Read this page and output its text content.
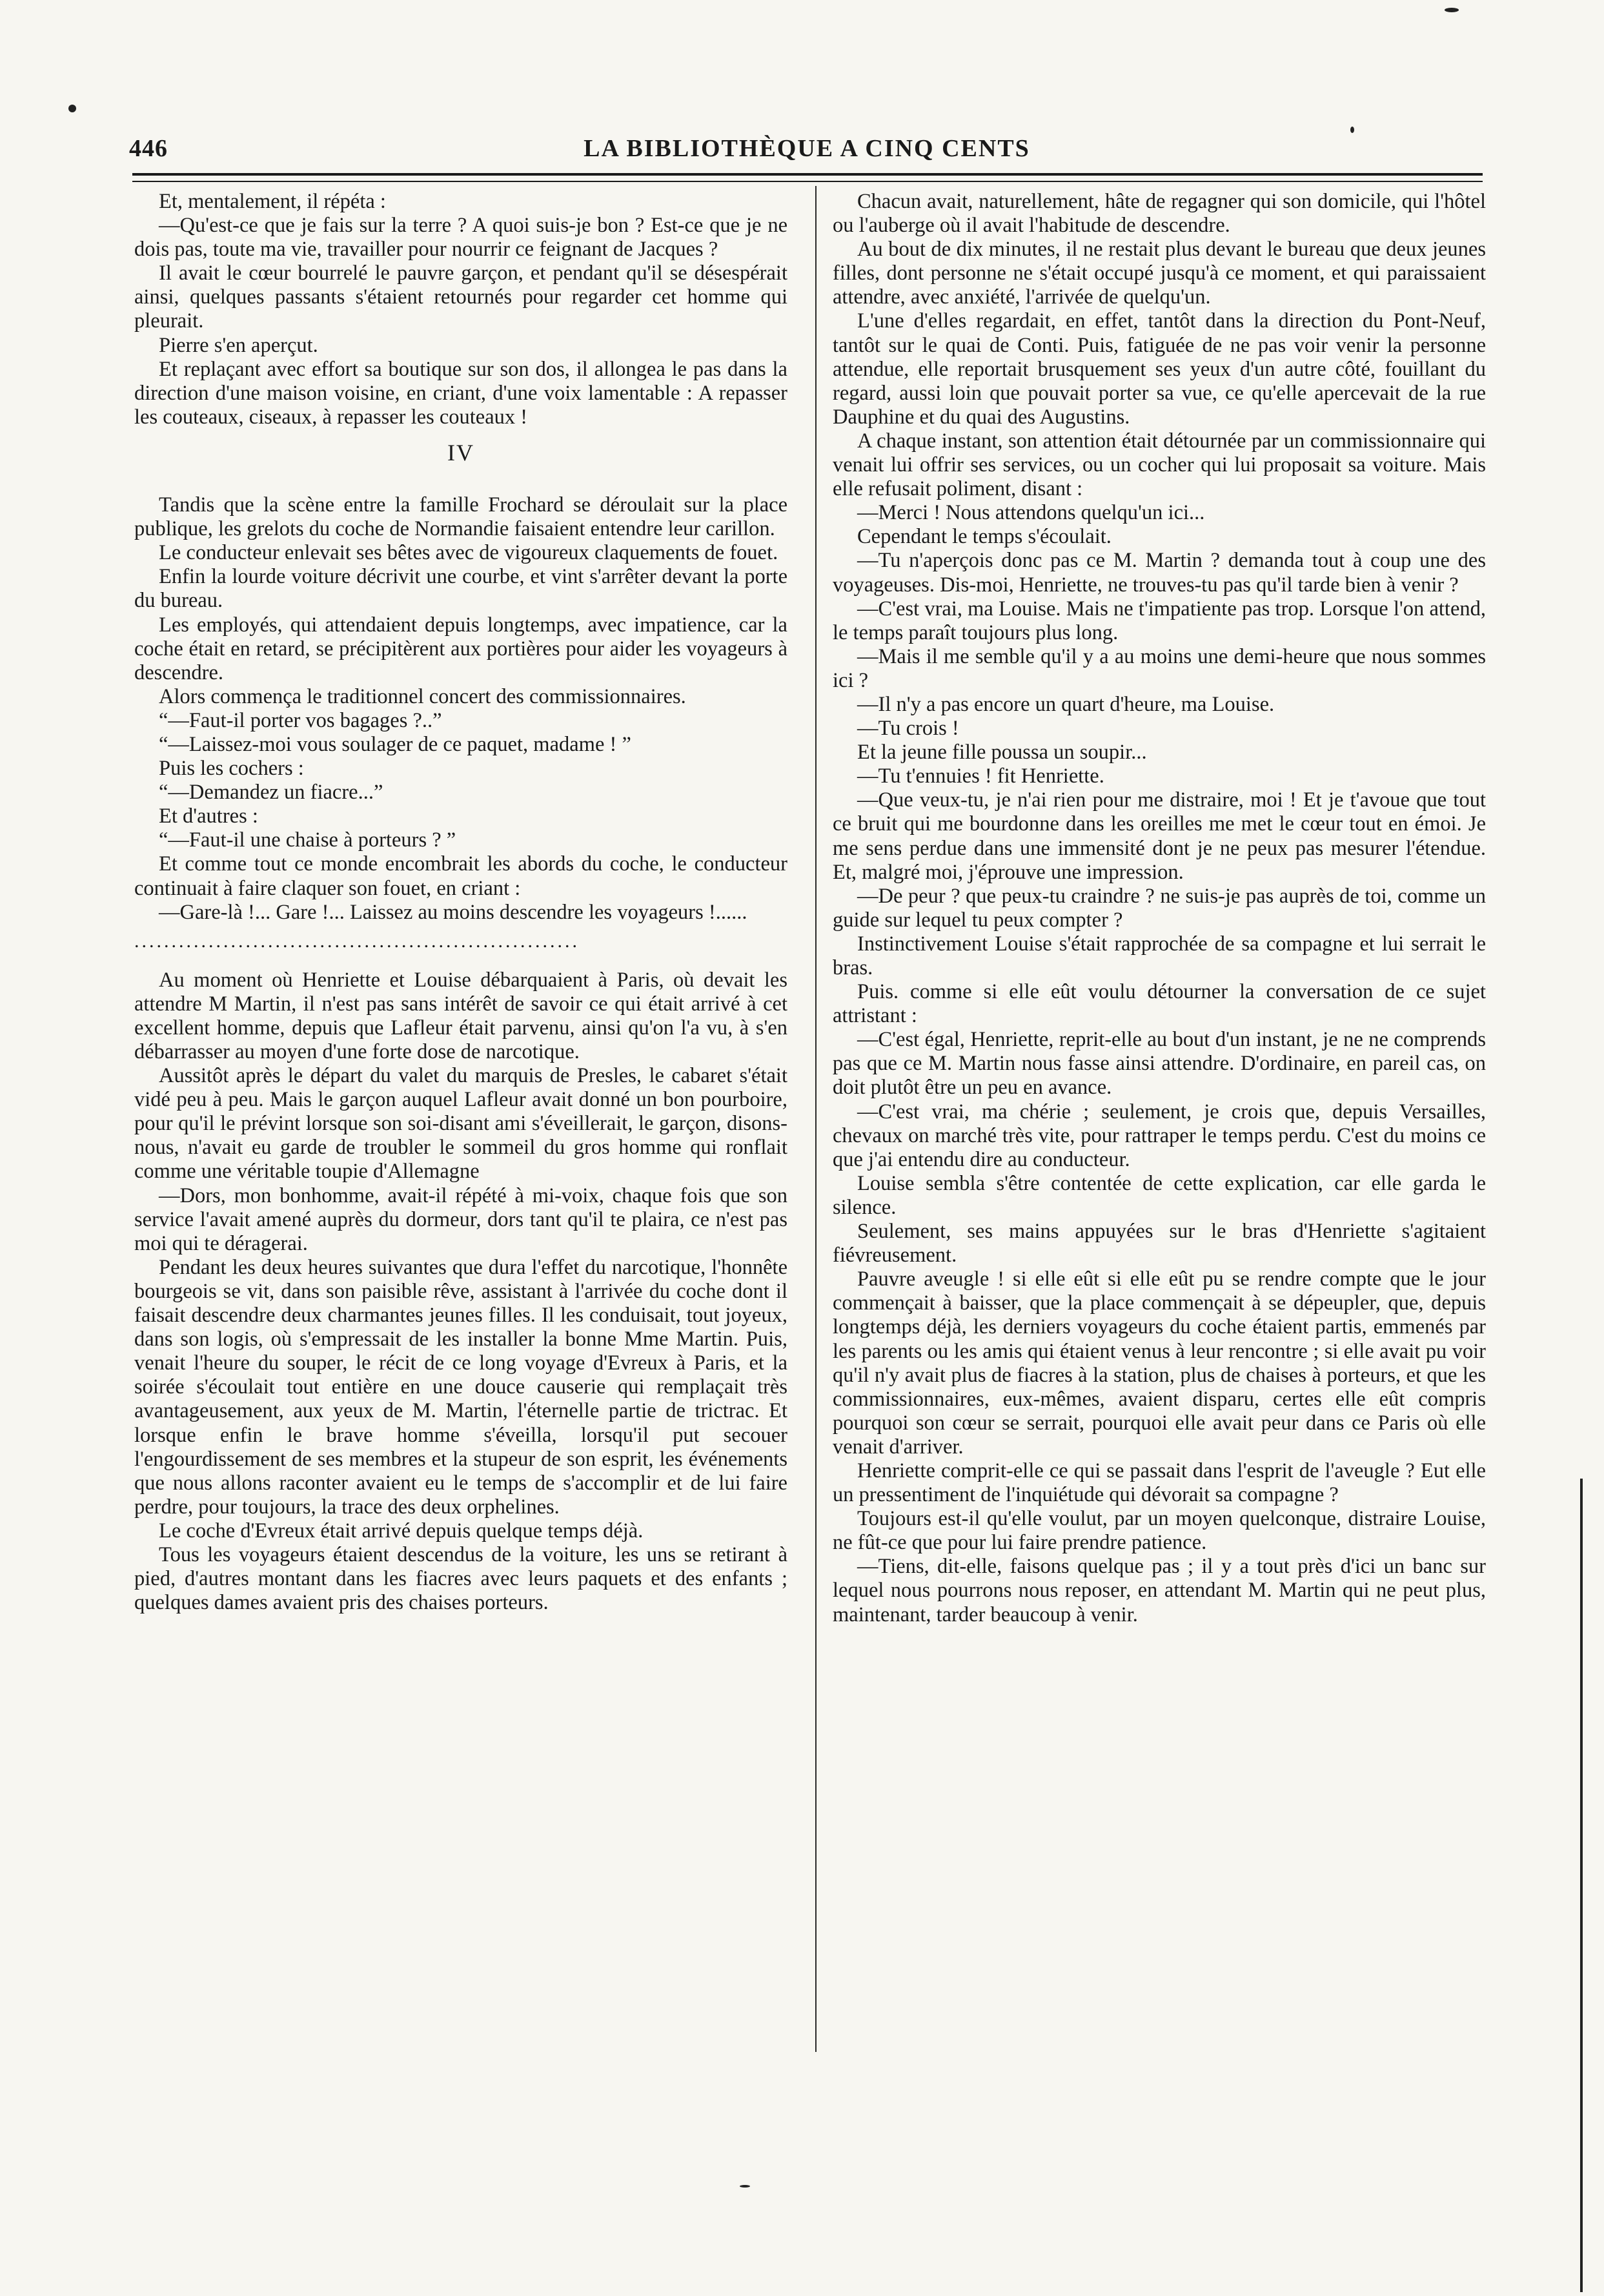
446	LA BIBLIOTHÈQUE A CINQ CENTS

Et, mentalement, il répéta :

—Qu'est-ce que je fais sur la terre ? A quoi suis-je bon ? Est-ce que je ne dois pas, toute ma vie, travailler pour nourrir ce feignant de Jacques ?

Il avait le cœur bourrelé le pauvre garçon, et pendant qu'il se désespérait ainsi, quelques passants s'étaient retournés pour regarder cet homme qui pleurait.

Pierre s'en aperçut.

Et replaçant avec effort sa boutique sur son dos, il allongea le pas dans la direction d'une maison voisine, en criant, d'une voix lamentable : A repasser les couteaux, ciseaux, à repasser les couteaux !

IV

Tandis que la scène entre la famille Frochard se déroulait sur la place publique, les grelots du coche de Normandie faisaient entendre leur carillon.

Le conducteur enlevait ses bêtes avec de vigoureux claquements de fouet.

Enfin la lourde voiture décrivit une courbe, et vint s'arrêter devant la porte du bureau.

Les employés, qui attendaient depuis longtemps, avec impatience, car la coche était en retard, se précipitèrent aux portières pour aider les voyageurs à descendre.

Alors commença le traditionnel concert des commissionnaires.

“—Faut-il porter vos bagages ?..”

“—Laissez-moi vous soulager de ce paquet, madame ! ”

Puis les cochers :

“—Demandez un fiacre...”

Et d'autres :

“—Faut-il une chaise à porteurs ? ”

Et comme tout ce monde encombrait les abords du coche, le conducteur continuait à faire claquer son fouet, en criant :

—Gare-là !... Gare !... Laissez au moins descendre les voyageurs !......

............................................................

Au moment où Henriette et Louise débarquaient à Paris, où devait les attendre M Martin, il n'est pas sans intérêt de savoir ce qui était arrivé à cet excellent homme, depuis que Lafleur était parvenu, ainsi qu'on l'a vu, à s'en débarrasser au moyen d'une forte dose de narcotique.

Aussitôt après le départ du valet du marquis de Presles, le cabaret s'était vidé peu à peu. Mais le garçon auquel Lafleur avait donné un bon pourboire, pour qu'il le prévint lorsque son soi-disant ami s'éveillerait, le garçon, disons-nous, n'avait eu garde de troubler le sommeil du gros homme qui ronflait comme une véritable toupie d'Allemagne

—Dors, mon bonhomme, avait-il répété à mi-voix, chaque fois que son service l'avait amené auprès du dormeur, dors tant qu'il te plaira, ce n'est pas moi qui te déragerai.

Pendant les deux heures suivantes que dura l'effet du narcotique, l'honnête bourgeois se vit, dans son paisible rêve, assistant à l'arrivée du coche dont il faisait descendre deux charmantes jeunes filles. Il les conduisait, tout joyeux, dans son logis, où s'empressait de les installer la bonne Mme Martin. Puis, venait l'heure du souper, le récit de ce long voyage d'Evreux à Paris, et la soirée s'écoulait tout entière en une douce causerie qui remplaçait très avantageusement, aux yeux de M. Martin, l'éternelle partie de trictrac. Et lorsque enfin le brave homme s'éveilla, lorsqu'il put secouer l'engourdissement de ses membres et la stupeur de son esprit, les événements que nous allons raconter avaient eu le temps de s'accomplir et de lui faire perdre, pour toujours, la trace des deux orphelines.

Le coche d'Evreux était arrivé depuis quelque temps déjà.

Tous les voyageurs étaient descendus de la voiture, les uns se retirant à pied, d'autres montant dans les fiacres avec leurs paquets et des enfants ; quelques dames avaient pris des chaises porteurs.

Chacun avait, naturellement, hâte de regagner qui son domicile, qui l'hôtel ou l'auberge où il avait l'habitude de descendre.

Au bout de dix minutes, il ne restait plus devant le bureau que deux jeunes filles, dont personne ne s'était occupé jusqu'à ce moment, et qui paraissaient attendre, avec anxiété, l'arrivée de quelqu'un.

L'une d'elles regardait, en effet, tantôt dans la direction du Pont-Neuf, tantôt sur le quai de Conti. Puis, fatiguée de ne pas voir venir la personne attendue, elle reportait brusquement ses yeux d'un autre côté, fouillant du regard, aussi loin que pouvait porter sa vue, ce qu'elle apercevait de la rue Dauphine et du quai des Augustins.

A chaque instant, son attention était détournée par un commissionnaire qui venait lui offrir ses services, ou un cocher qui lui proposait sa voiture. Mais elle refusait poliment, disant :

—Merci ! Nous attendons quelqu'un ici...

Cependant le temps s'écoulait.

—Tu n'aperçois donc pas ce M. Martin ? demanda tout à coup une des voyageuses. Dis-moi, Henriette, ne trouves-tu pas qu'il tarde bien à venir ?

—C'est vrai, ma Louise. Mais ne t'impatiente pas trop. Lorsque l'on attend, le temps paraît toujours plus long.

—Mais il me semble qu'il y a au moins une demi-heure que nous sommes ici ?

—Il n'y a pas encore un quart d'heure, ma Louise.

—Tu crois !

Et la jeune fille poussa un soupir...

—Tu t'ennuies ! fit Henriette.

—Que veux-tu, je n'ai rien pour me distraire, moi ! Et je t'avoue que tout ce bruit qui me bourdonne dans les oreilles me met le cœur tout en émoi. Je me sens perdue dans une immensité dont je ne peux pas mesurer l'étendue. Et, malgré moi, j'éprouve une impression.

—De peur ? que peux-tu craindre ? ne suis-je pas auprès de toi, comme un guide sur lequel tu peux compter ?

Instinctivement Louise s'était rapprochée de sa compagne et lui serrait le bras.

Puis. comme si elle eût voulu détourner la conversation de ce sujet attristant :

—C'est égal, Henriette, reprit-elle au bout d'un instant, je ne ne comprends pas que ce M. Martin nous fasse ainsi attendre. D'ordinaire, en pareil cas, on doit plutôt être un peu en avance.

—C'est vrai, ma chérie ; seulement, je crois que, depuis Versailles, chevaux on marché très vite, pour rattraper le temps perdu. C'est du moins ce que j'ai entendu dire au conducteur.

Louise sembla s'être contentée de cette explication, car elle garda le silence.

Seulement, ses mains appuyées sur le bras d'Henriette s'agitaient fiévreusement.

Pauvre aveugle ! si elle eût si elle eût pu se rendre compte que le jour commençait à baisser, que la place commençait à se dépeupler, que, depuis longtemps déjà, les derniers voyageurs du coche étaient partis, emmenés par les parents ou les amis qui étaient venus à leur rencontre ; si elle avait pu voir qu'il n'y avait plus de fiacres à la station, plus de chaises à porteurs, et que les commissionnaires, eux-mêmes, avaient disparu, certes elle eût compris pourquoi son cœur se serrait, pourquoi elle avait peur dans ce Paris où elle venait d'arriver.

Henriette comprit-elle ce qui se passait dans l'esprit de l'aveugle ? Eut elle un pressentiment de l'inquiétude qui dévorait sa compagne ?

Toujours est-il qu'elle voulut, par un moyen quelconque, distraire Louise, ne fût-ce que pour lui faire prendre patience.

—Tiens, dit-elle, faisons quelque pas ; il y a tout près d'ici un banc sur lequel nous pourrons nous reposer, en attendant M. Martin qui ne peut plus, maintenant, tarder beaucoup à venir.
